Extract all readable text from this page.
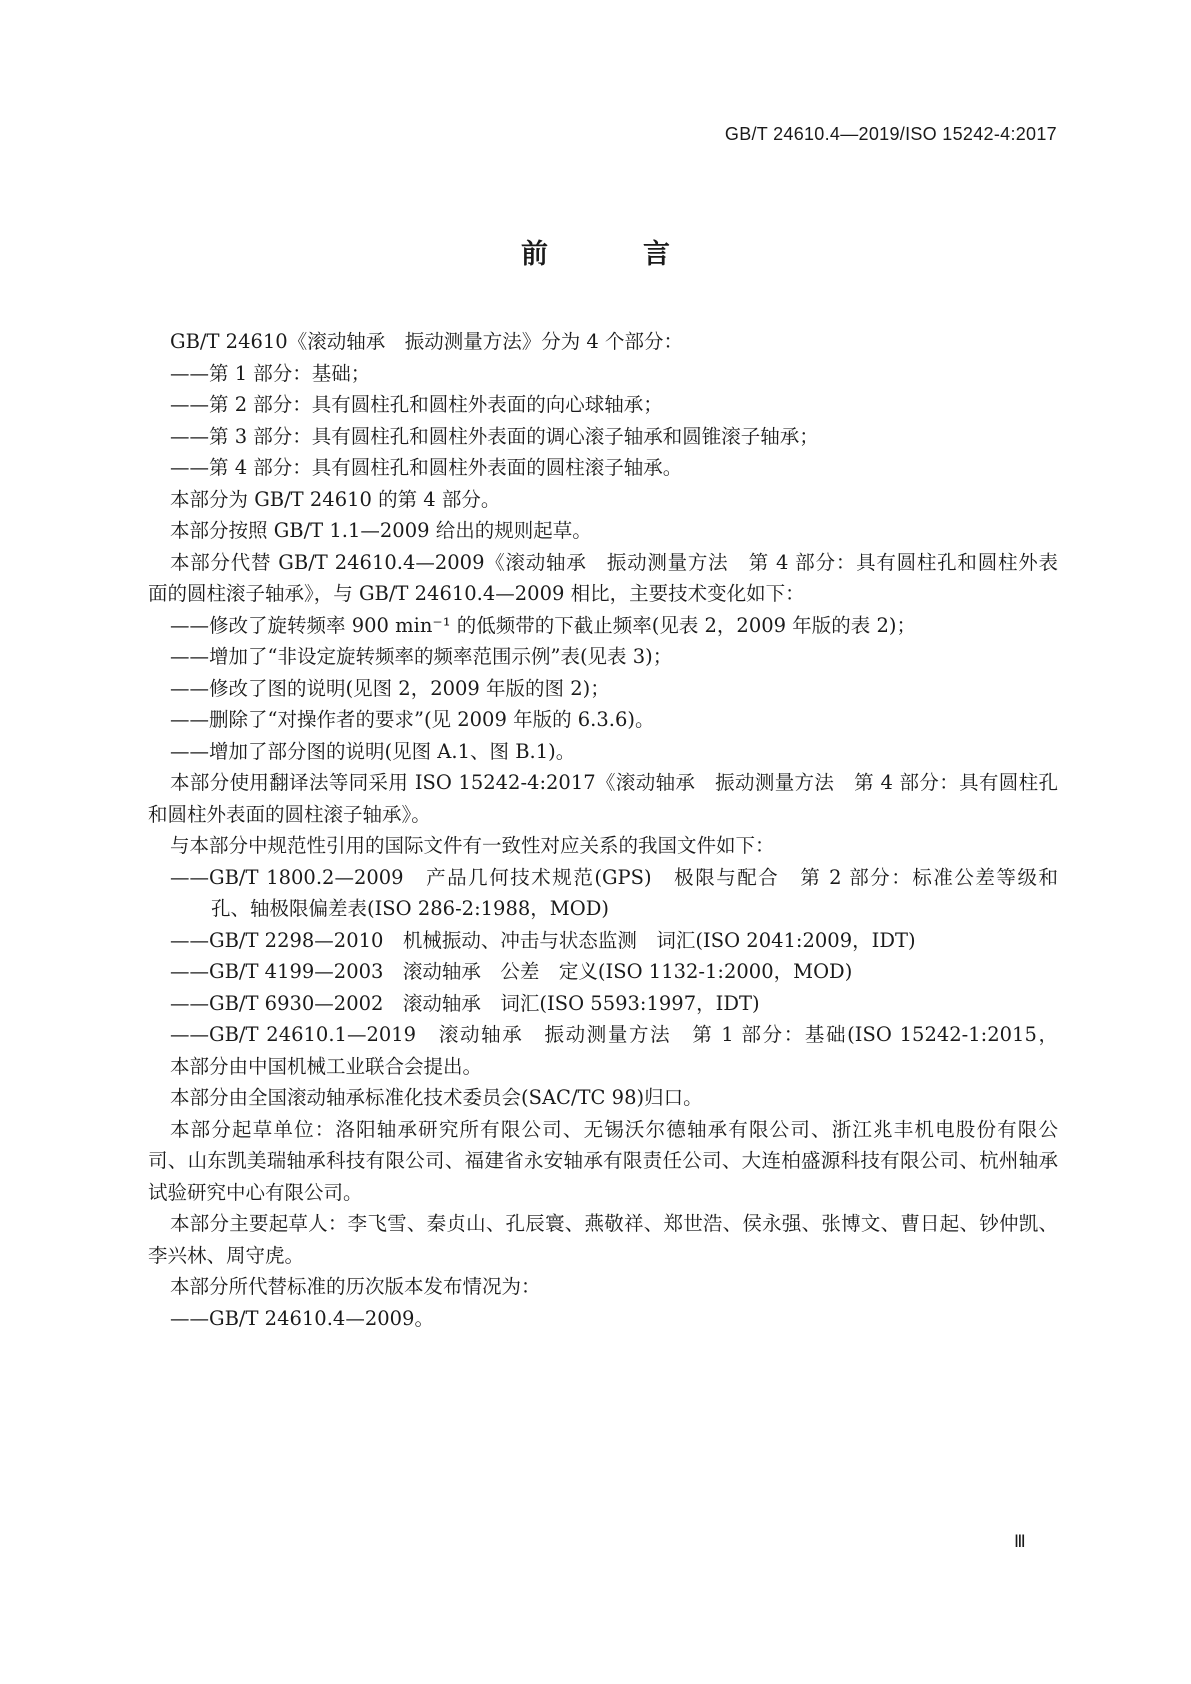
GB/T 24610.4—2019/ISO 15242-4:2017
前　言
GB/T 24610《滚动轴承　振动测量方法》分为 4 个部分：
——第 1 部分：基础；
——第 2 部分：具有圆柱孔和圆柱外表面的向心球轴承；
——第 3 部分：具有圆柱孔和圆柱外表面的调心滚子轴承和圆锥滚子轴承；
——第 4 部分：具有圆柱孔和圆柱外表面的圆柱滚子轴承。
本部分为 GB/T 24610 的第 4 部分。
本部分按照 GB/T 1.1—2009 给出的规则起草。
本部分代替 GB/T 24610.4—2009《滚动轴承　振动测量方法　第 4 部分：具有圆柱孔和圆柱外表
面的圆柱滚子轴承》，与 GB/T 24610.4—2009 相比，主要技术变化如下：
——修改了旋转频率 900 min⁻¹ 的低频带的下截止频率(见表 2，2009 年版的表 2)；
——增加了“非设定旋转频率的频率范围示例”表(见表 3)；
——修改了图的说明(见图 2，2009 年版的图 2)；
——删除了“对操作者的要求”(见 2009 年版的 6.3.6)。
——增加了部分图的说明(见图 A.1、图 B.1)。
本部分使用翻译法等同采用 ISO 15242-4:2017《滚动轴承　振动测量方法　第 4 部分：具有圆柱孔
和圆柱外表面的圆柱滚子轴承》。
与本部分中规范性引用的国际文件有一致性对应关系的我国文件如下：
——GB/T 1800.2—2009　产品几何技术规范(GPS)　极限与配合　第 2 部分：标准公差等级和
孔、轴极限偏差表(ISO 286-2:1988，MOD)
——GB/T 2298—2010　机械振动、冲击与状态监测　词汇(ISO 2041:2009，IDT)
——GB/T 4199—2003　滚动轴承　公差　定义(ISO 1132-1:2000，MOD)
——GB/T 6930—2002　滚动轴承　词汇(ISO 5593:1997，IDT)
——GB/T 24610.1—2019　滚动轴承　振动测量方法　第 1 部分：基础(ISO 15242-1:2015，
本部分由中国机械工业联合会提出。
本部分由全国滚动轴承标准化技术委员会(SAC/TC 98)归口。
本部分起草单位：洛阳轴承研究所有限公司、无锡沃尔德轴承有限公司、浙江兆丰机电股份有限公
司、山东凯美瑞轴承科技有限公司、福建省永安轴承有限责任公司、大连柏盛源科技有限公司、杭州轴承
试验研究中心有限公司。
本部分主要起草人：李飞雪、秦贞山、孔辰寰、燕敬祥、郑世浩、侯永强、张博文、曹日起、钞仲凯、
李兴林、周守虎。
本部分所代替标准的历次版本发布情况为：
——GB/T 24610.4—2009。
Ⅲ
